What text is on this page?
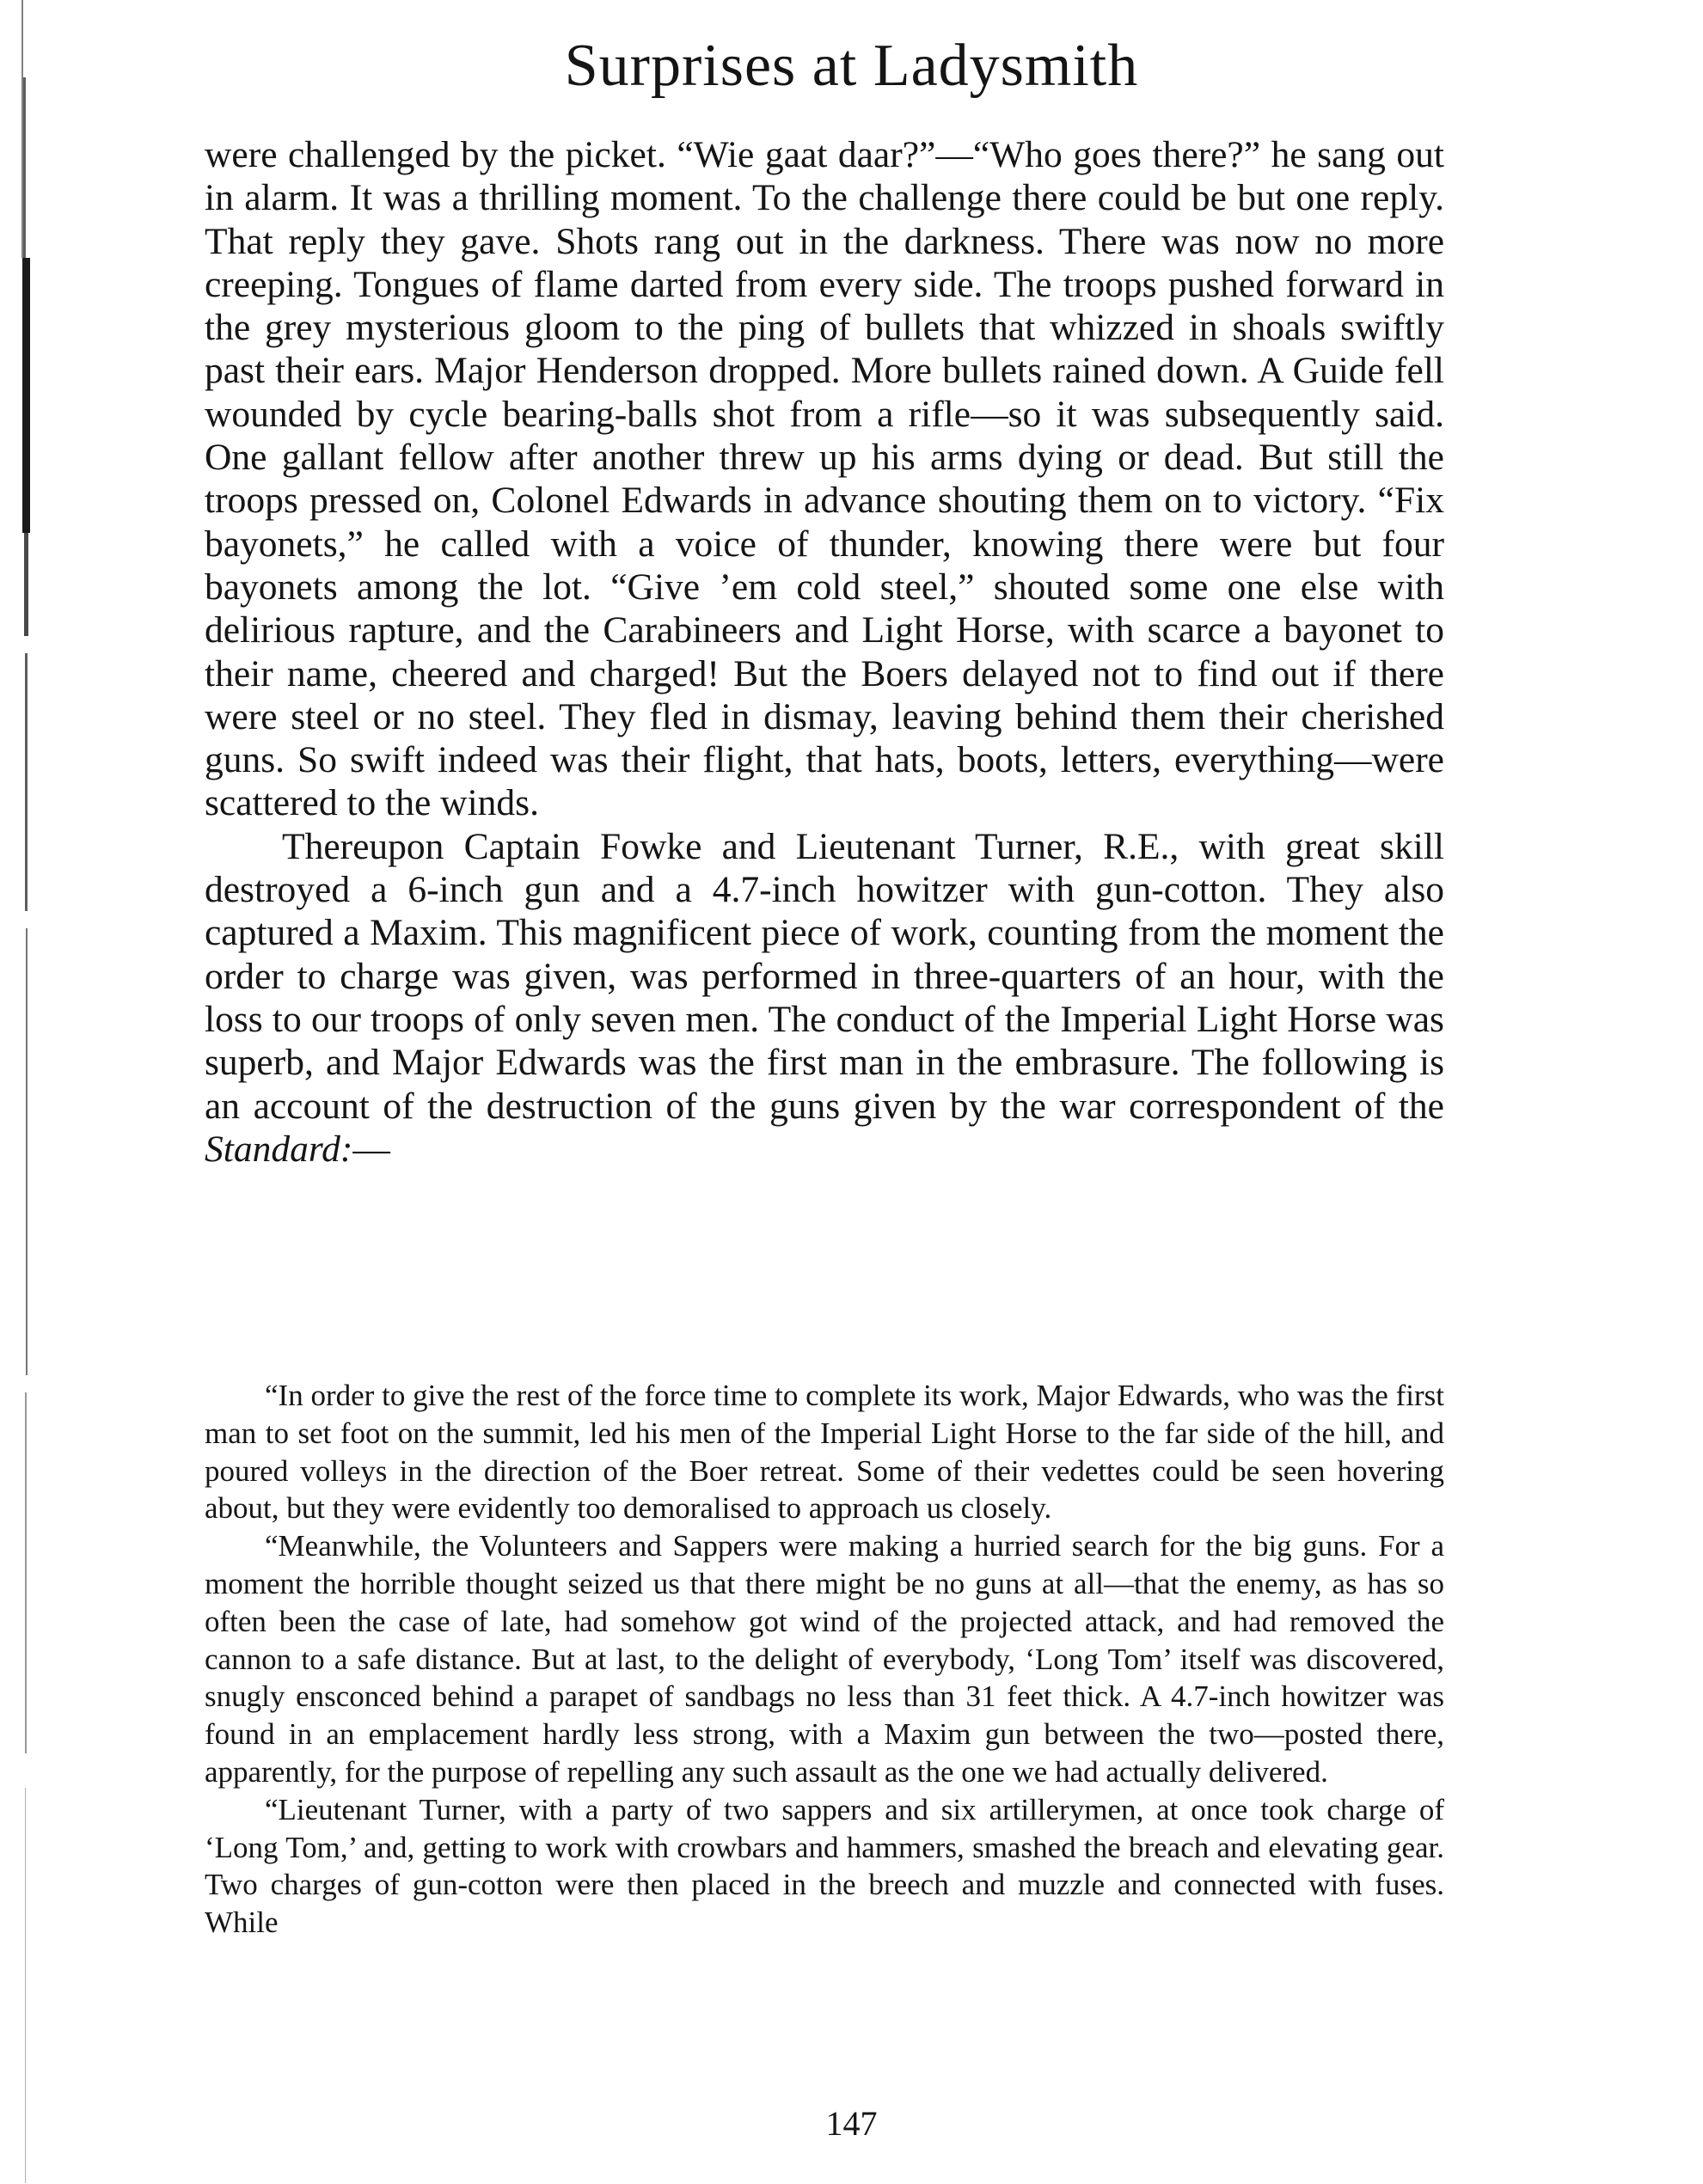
Surprises at Ladysmith

were challenged by the picket. “Wie gaat daar?”—“Who goes there?” he sang out in alarm. It was a thrilling moment. To the challenge there could be but one reply. That reply they gave. Shots rang out in the darkness. There was now no more creeping. Tongues of flame darted from every side. The troops pushed forward in the grey mysterious gloom to the ping of bullets that whizzed in shoals swiftly past their ears. Major Henderson dropped. More bullets rained down. A Guide fell wounded by cycle bearing-balls shot from a rifle—so it was subsequently said. One gallant fellow after another threw up his arms dying or dead. But still the troops pressed on, Colonel Edwards in advance shouting them on to victory. “Fix bayonets,” he called with a voice of thunder, knowing there were but four bayonets among the lot. “Give ’em cold steel,” shouted some one else with delirious rapture, and the Carabineers and Light Horse, with scarce a bayonet to their name, cheered and charged! But the Boers delayed not to find out if there were steel or no steel. They fled in dismay, leaving behind them their cherished guns. So swift indeed was their flight, that hats, boots, letters, everything—were scattered to the winds.

Thereupon Captain Fowke and Lieutenant Turner, R.E., with great skill destroyed a 6-inch gun and a 4.7-inch howitzer with gun-cotton. They also captured a Maxim. This magnificent piece of work, counting from the moment the order to charge was given, was performed in three-quarters of an hour, with the loss to our troops of only seven men. The conduct of the Imperial Light Horse was superb, and Major Edwards was the first man in the embrasure. The following is an account of the destruction of the guns given by the war correspondent of the Standard:—

“In order to give the rest of the force time to complete its work, Major Edwards, who was the first man to set foot on the summit, led his men of the Imperial Light Horse to the far side of the hill, and poured volleys in the direction of the Boer retreat. Some of their vedettes could be seen hovering about, but they were evidently too demoralised to approach us closely.

“Meanwhile, the Volunteers and Sappers were making a hurried search for the big guns. For a moment the horrible thought seized us that there might be no guns at all—that the enemy, as has so often been the case of late, had somehow got wind of the projected attack, and had removed the cannon to a safe distance. But at last, to the delight of everybody, ‘Long Tom’ itself was discovered, snugly ensconced behind a parapet of sandbags no less than 31 feet thick. A 4.7-inch howitzer was found in an emplacement hardly less strong, with a Maxim gun between the two—posted there, apparently, for the purpose of repelling any such assault as the one we had actually delivered.

“Lieutenant Turner, with a party of two sappers and six artillerymen, at once took charge of ‘Long Tom,’ and, getting to work with crowbars and hammers, smashed the breach and elevating gear. Two charges of gun-cotton were then placed in the breech and muzzle and connected with fuses. While

147
